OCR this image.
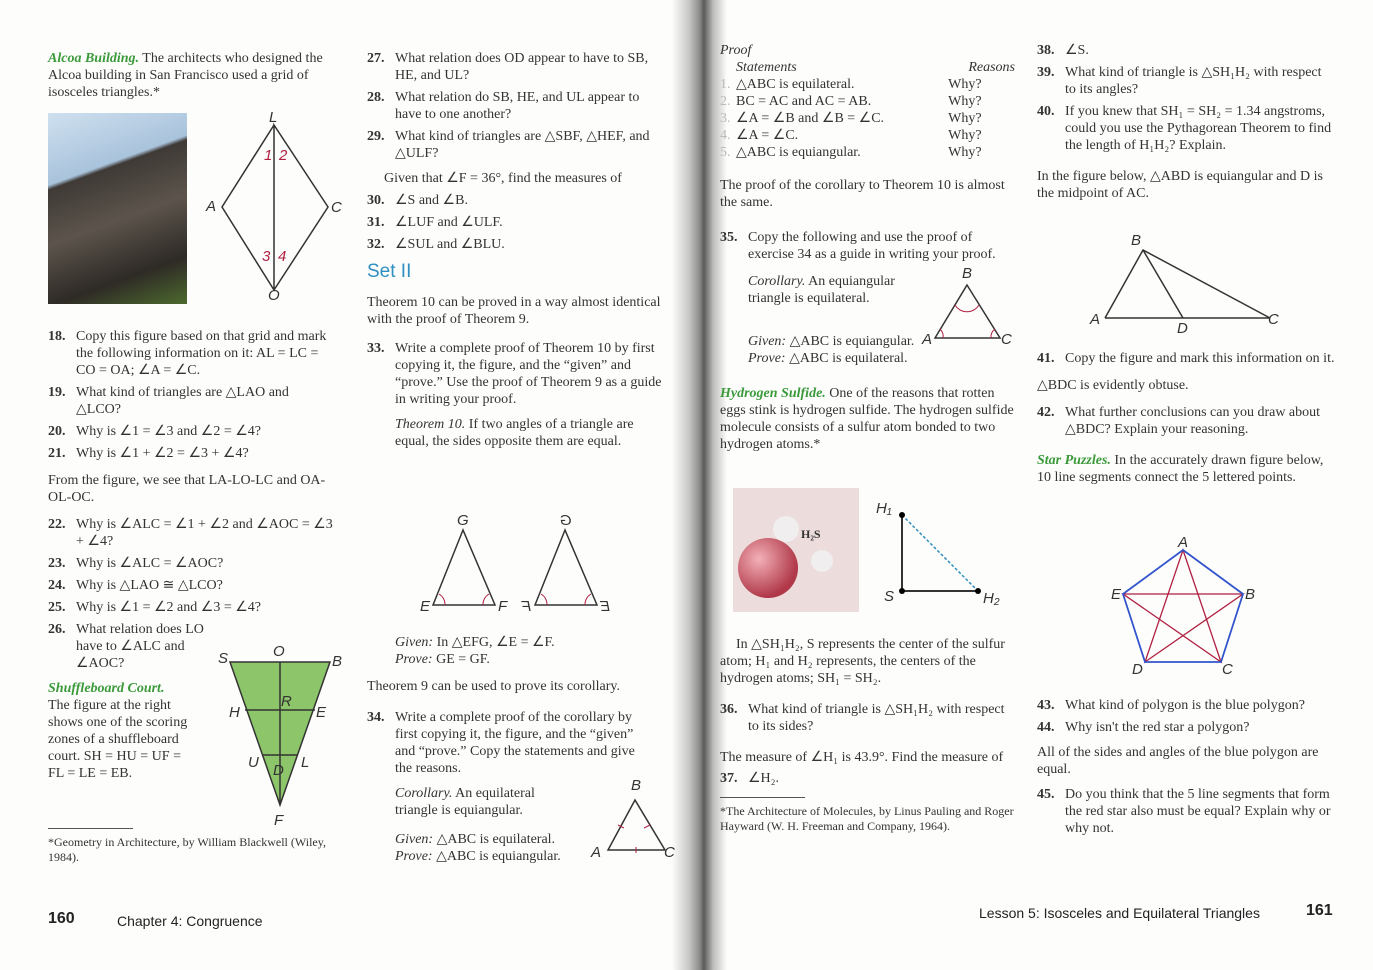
Alcoa Building. The architects who designed the Alcoa building in San Francisco used a grid of isosceles triangles.*
L
A	C
O
1 2
3 4
18. Copy this figure based on that grid and mark the following information on it: AL = LC = CO = OA; ∠A = ∠C.
19. What kind of triangles are △LAO and △LCO?
20. Why is ∠1 = ∠3 and ∠2 = ∠4?
21. Why is ∠1 + ∠2 = ∠3 + ∠4?
From the figure, we see that LA-LO-LC and OA-OL-OC.
22. Why is ∠ALC = ∠1 + ∠2 and ∠AOC = ∠3 + ∠4?
23. Why is ∠ALC = ∠AOC?
24. Why is △LAO ≅ △LCO?
25. Why is ∠1 = ∠2 and ∠3 = ∠4?
26. What relation does LO have to ∠ALC and ∠AOC?
Shuffleboard Court. The figure at the right shows one of the scoring zones of a shuffleboard court. SH = HU = UF = FL = LE = EB.
S	O
B
H
R
E
U D L
F
*Geometry in Architecture, by William Blackwell (Wiley, 1984).
27. What relation does OD appear to have to SB, HE, and UL?
28. What relation do SB, HE, and UL appear to have to one another?
29. What kind of triangles are △SBF, △HEF, and △ULF?
Given that ∠F = 36°, find the measures of
30. ∠S and ∠B.
31. ∠LUF and ∠ULF.
32. ∠SUL and ∠BLU.
Set II
Theorem 10 can be proved in a way almost identical with the proof of Theorem 9.
33. Write a complete proof of Theorem 10 by first copying it, the figure, and the “given” and “prove.” Use the proof of Theorem 9 as a guide in writing your proof.
Theorem 10. If two angles of a triangle are equal, the sides opposite them are equal.
G
E	F
G
F	E
Given: In △EFG, ∠E = ∠F.
Prove: GE = GF.
Theorem 9 can be used to prove its corollary.
34. Write a complete proof of the corollary by first copying it, the figure, and the “given” and “prove.” Copy the statements and give the reasons.
Corollary. An equilateral triangle is equiangular.
Given: △ABC is equilateral.
Prove: △ABC is equiangular.
B
A
160	Chapter 4: Congruence
C
Proof
	Statements	Reasons
1.	△ABC is equilateral.	Why?
2.	BC = AC and AC = AB.	Why?
3.	∠A = ∠B and ∠B = ∠C.	Why?
4.	∠A = ∠C.	Why?
5.	△ABC is equiangular.	Why?
The proof of the corollary to Theorem 10 is almost the same.
35. Copy the following and use the proof of exercise 34 as a guide in writing your proof.
Corollary. An equiangular triangle is equilateral.
Given: △ABC is equiangular.
Prove: △ABC is equilateral.
Hydrogen Sulfide. One of the reasons that rotten eggs stink is hydrogen sulfide. The hydrogen sulfide molecule consists of a sulfur atom bonded to two hydrogen atoms.*
B
A	C
H₂S
H₁
S	H₂
In △SH₁H₂, S represents the center of the sulfur atom; H₁ and H₂ represents, the centers of the hydrogen atoms; SH₁ = SH₂.
36. What kind of triangle is △SH₁H₂ with respect to its sides?
The measure of ∠H₁ is 43.9°. Find the measure of
37. ∠H₂.
*The Architecture of Molecules, by Linus Pauling and Roger Hayward (W. H. Freeman and Company, 1964).
38. ∠S.
39. What kind of triangle is △SH₁H₂ with respect to its angles?
40. If you knew that SH₁ = SH₂ = 1.34 angstroms, could you use the Pythagorean Theorem to find the length of H₁H₂? Explain.
In the figure below, △ABD is equiangular and D is the midpoint of AC.
B
A
D
C
41. Copy the figure and mark this information on it.
△BDC is evidently obtuse.
42. What further conclusions can you draw about △BDC? Explain your reasoning.
Star Puzzles. In the accurately drawn figure below, 10 line segments connect the 5 lettered points.
A
B
C
D
E
43. What kind of polygon is the blue polygon?
44. Why isn't the red star a polygon?
All of the sides and angles of the blue polygon are equal.
45. Do you think that the 5 line segments that form the red star also must be equal? Explain why or why not.
Lesson 5: Isosceles and Equilateral Triangles	161
